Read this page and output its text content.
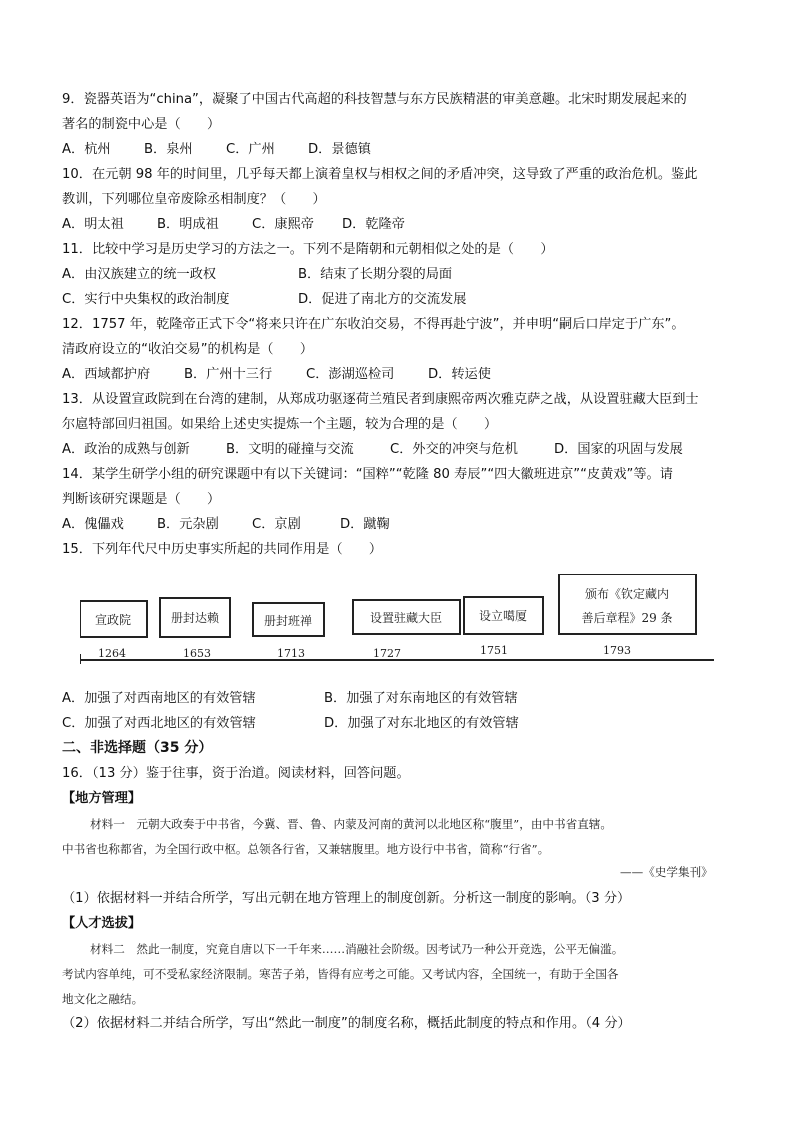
9．瓷器英语为“china”，凝聚了中国古代高超的科技智慧与东方民族精湛的审美意趣。北宋时期发展起来的
著名的制瓷中心是（　　）
A．杭州	B．泉州	C．广州	D．景德镇
10．在元朝 98 年的时间里，几乎每天都上演着皇权与相权之间的矛盾冲突，这导致了严重的政治危机。鉴此
教训，下列哪位皇帝废除丞相制度？（　　）
A．明太祖	B．明成祖	C．康熙帝 D．乾隆帝
11．比较中学习是历史学习的方法之一。下列不是隋朝和元朝相似之处的是（　　）
A．由汉族建立的统一政权	B．结束了长期分裂的局面
C．实行中央集权的政治制度	D．促进了南北方的交流发展
12．1757 年，乾隆帝正式下令“将来只许在广东收泊交易，不得再赴宁波”，并申明“嗣后口岸定于广东”。
清政府设立的“收泊交易”的机构是（　　）
A．西域都护府	B．广州十三行	C．澎湖巡检司	D．转运使
13．从设置宣政院到在台湾的建制，从郑成功驱逐荷兰殖民者到康熙帝两次雅克萨之战，从设置驻藏大臣到士
尔扈特部回归祖国。如果给上述史实提炼一个主题，较为合理的是（　　）
A．政治的成熟与创新	B．文明的碰撞与交流	C．外交的冲突与危机	D．国家的巩固与发展
14．某学生研学小组的研究课题中有以下关键词：“国粹”“乾隆 80 寿辰”“四大徽班进京”“皮黄戏”等。请
判断该研究课题是（　　）
A．傀儡戏	B．元杂剧	C．京剧	D．蹴鞠
15．下列年代尺中历史事实所起的共同作用是（　　）
宣政院	册封达赖	册封班禅	设置驻藏大臣	设立噶厦
颁布《钦定藏内
善后章程》29 条
1264	1653	1713	1727	1751	1793
A．加强了对西南地区的有效管辖	B．加强了对东南地区的有效管辖
C．加强了对西北地区的有效管辖	D．加强了对东北地区的有效管辖
二、非选择题（35 分）
16．（13 分）鉴于往事，资于治道。阅读材料，回答问题。
【地方管理】
材料一　元朝大政奏于中书省，今冀、晋、鲁、内蒙及河南的黄河以北地区称“腹里”，由中书省直辖。
中书省也称都省，为全国行政中枢。总领各行省，又兼辖腹里。地方设行中书省，简称“行省”。
——《史学集刊》
（1）依据材料一并结合所学，写出元朝在地方管理上的制度创新。分析这一制度的影响。（3 分）
【人才选拔】
材料二　然此一制度，究竟自唐以下一千年来……消融社会阶级。因考试乃一种公开竞选，公平无偏滥。
考试内容单纯，可不受私家经济限制。寒苦子弟，皆得有应考之可能。又考试内容，全国统一，有助于全国各
地文化之融结。
（2）依据材料二并结合所学，写出“然此一制度”的制度名称，概括此制度的特点和作用。（4 分）
